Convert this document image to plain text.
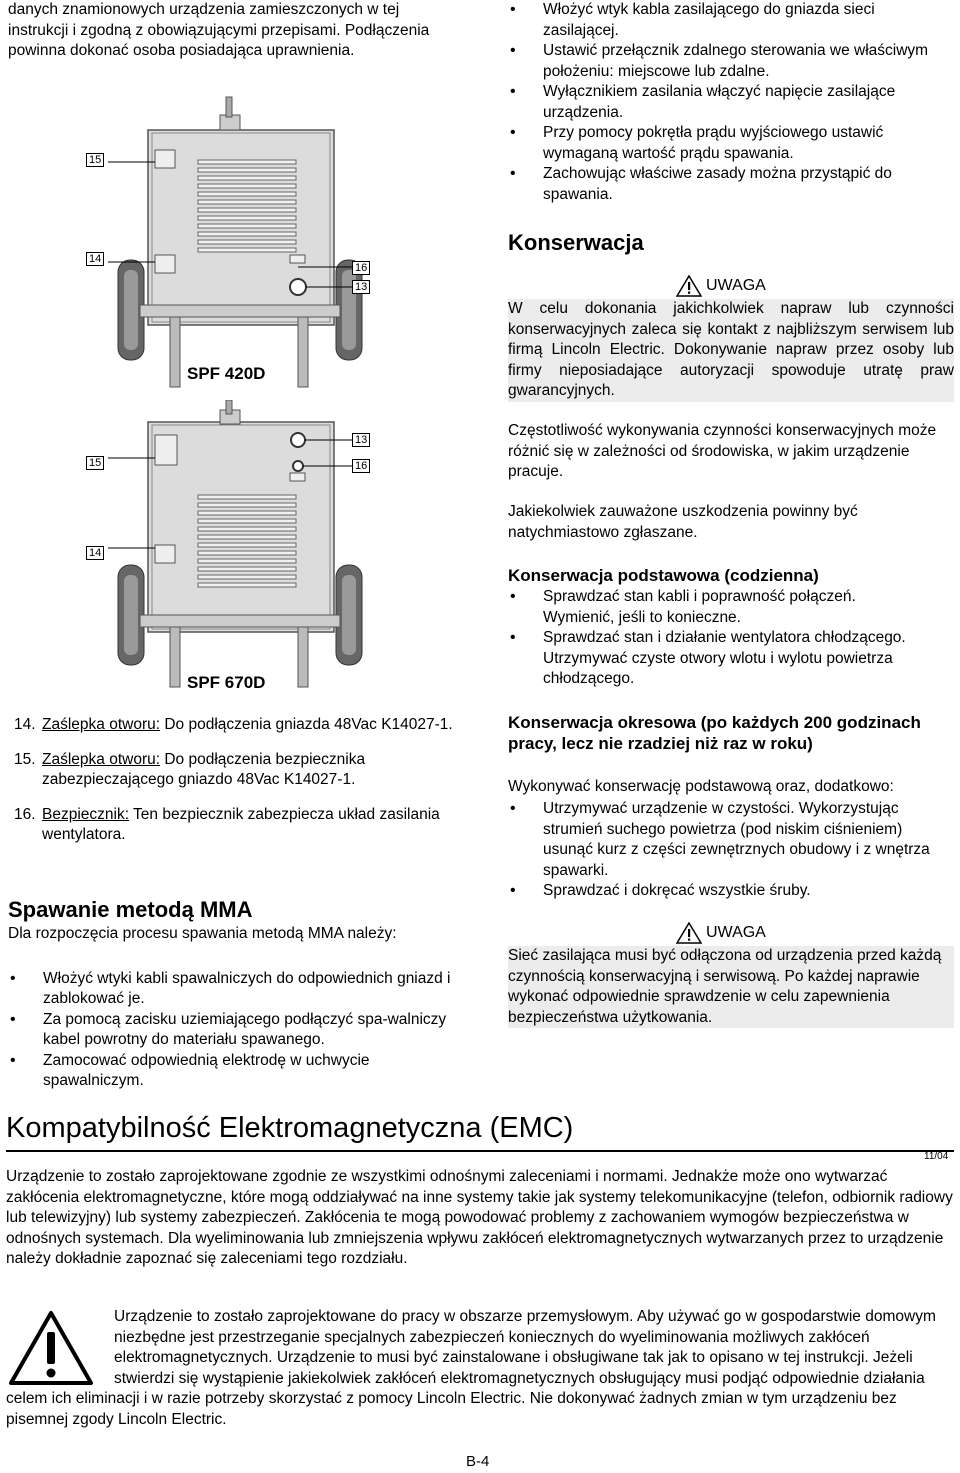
danych znamionowych urządzenia zamieszczonych w tej instrukcji i zgodną z obowiązującymi przepisami. Podłączenia powinna dokonać osoba posiadająca uprawnienia.

15
14
16
13
SPF 420D
15
14
13
16
SPF 670D

14. Zaślepka otworu: Do podłączenia gniazda 48Vac K14027-1.

15. Zaślepka otworu: Do podłączenia bezpiecznika zabezpieczającego gniazdo 48Vac K14027-1.

16. Bezpiecznik: Ten bezpiecznik zabezpiecza układ zasilania wentylatora.

Spawanie metodą MMA

Dla rozpoczęcia procesu spawania metodą MMA należy:

• Włożyć wtyki kabli spawalniczych do odpowiednich gniazd i zablokować je.
• Za pomocą zacisku uziemiającego podłączyć spa-walniczy kabel powrotny do materiału spawanego.
• Zamocować odpowiednią elektrodę w uchwycie spawalniczym.
• Włożyć wtyk kabla zasilającego do gniazda sieci zasilającej.
• Ustawić przełącznik zdalnego sterowania we właściwym położeniu: miejscowe lub zdalne.
• Wyłącznikiem zasilania włączyć napięcie zasilające urządzenia.
• Przy pomocy pokrętła prądu wyjściowego ustawić wymaganą wartość prądu spawania.
• Zachowując właściwe zasady można przystąpić do spawania.

Konserwacja

UWAGA

W celu dokonania jakichkolwiek napraw lub czynności konserwacyjnych zaleca się kontakt z najbliższym serwisem lub firmą Lincoln Electric. Dokonywanie napraw przez osoby lub firmy nieposiadające autoryzacji spowoduje utratę praw gwarancyjnych.

Częstotliwość wykonywania czynności konserwacyjnych może różnić się w zależności od środowiska, w jakim urządzenie pracuje.

Jakiekolwiek zauważone uszkodzenia powinny być natychmiastowo zgłaszane.

Konserwacja podstawowa (codzienna)

• Sprawdzać stan kabli i poprawność połączeń. Wymienić, jeśli to konieczne.
• Sprawdzać stan i działanie wentylatora chłodzącego. Utrzymywać czyste otwory wlotu i wylotu powietrza chłodzącego.

Konserwacja okresowa (po każdych 200 godzinach pracy, lecz nie rzadziej niż raz w roku)

Wykonywać konserwację podstawową oraz, dodatkowo:

• Utrzymywać urządzenie w czystości. Wykorzystując strumień suchego powietrza (pod niskim ciśnieniem) usunąć kurz z części zewnętrznych obudowy i z wnętrza spawarki.
• Sprawdzać i dokręcać wszystkie śruby.
UWAGA

Sieć zasilająca musi być odłączona od urządzenia przed każdą czynnością konserwacyjną i serwisową. Po każdej naprawie wykonać odpowiednie sprawdzenie w celu zapewnienia bezpieczeństwa użytkowania.

Kompatybilność Elektromagnetyczna (EMC)

11/04

Urządzenie to zostało zaprojektowane zgodnie ze wszystkimi odnośnymi zaleceniami i normami. Jednakże może ono wytwarzać zakłócenia elektromagnetyczne, które mogą oddziaływać na inne systemy takie jak systemy telekomunikacyjne (telefon, odbiornik radiowy lub telewizyjny) lub systemy zabezpieczeń. Zakłócenia te mogą powodować problemy z zachowaniem wymogów bezpieczeństwa w odnośnych systemach. Dla wyeliminowania lub zmniejszenia wpływu zakłóceń elektromagnetycznych wytwarzanych przez to urządzenie należy dokładnie zapoznać się zaleceniami tego rozdziału.

Urządzenie to zostało zaprojektowane do pracy w obszarze przemysłowym. Aby używać go w gospodarstwie domowym niezbędne jest przestrzeganie specjalnych zabezpieczeń koniecznych do wyeliminowania możliwych zakłóceń elektromagnetycznych. Urządzenie to musi być zainstalowane i obsługiwane tak jak to opisano w tej instrukcji. Jeżeli stwierdzi się wystąpienie jakiekolwiek zakłóceń elektromagnetycznych obsługujący musi podjąć odpowiednie działania celem ich eliminacji i w razie potrzeby skorzystać z pomocy Lincoln Electric. Nie dokonywać żadnych zmian w tym urządzeniu bez pisemnej zgody Lincoln Electric.

B-4
